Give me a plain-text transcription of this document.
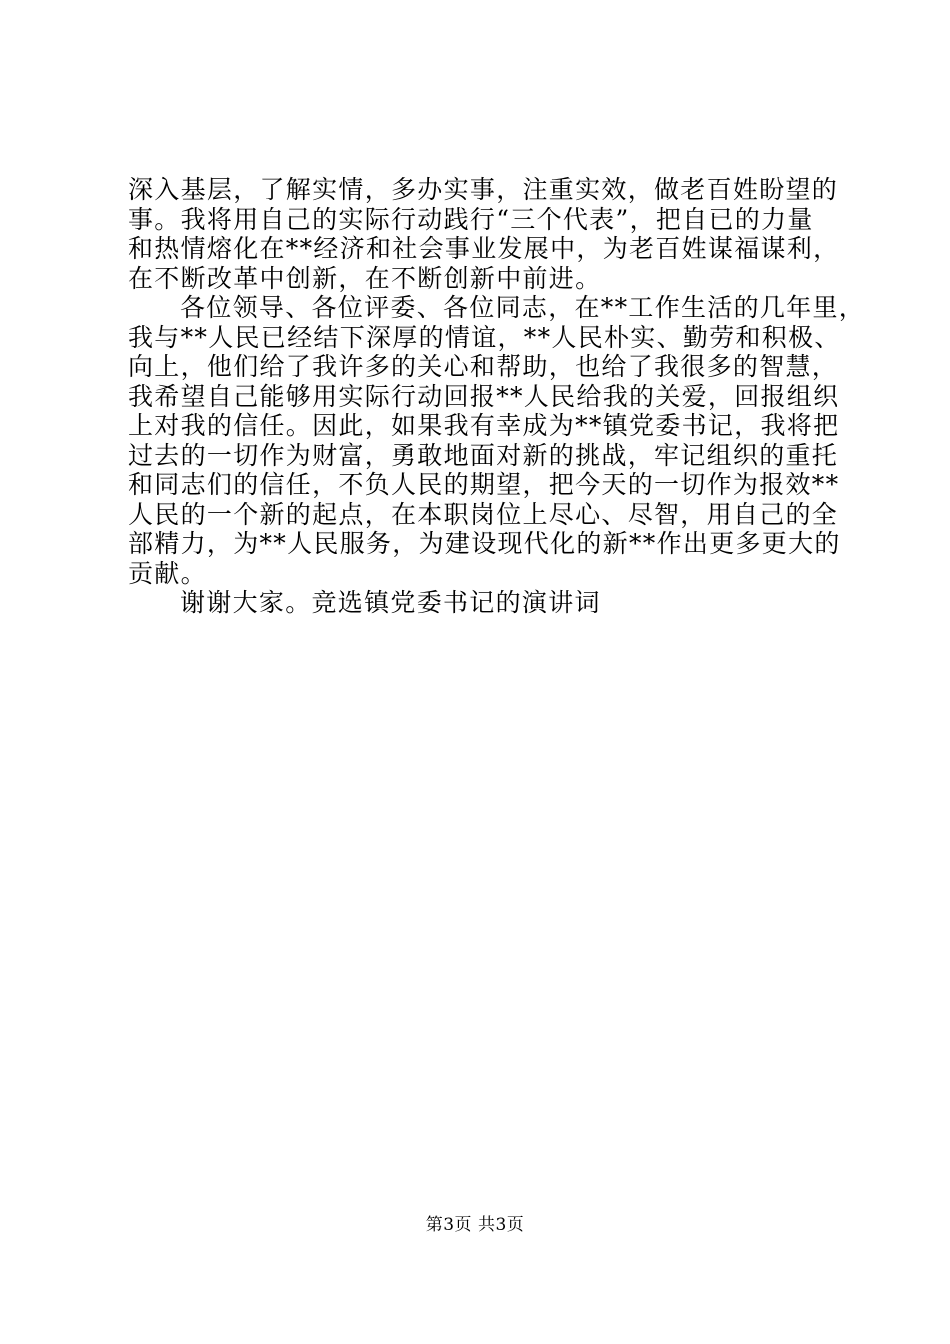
深入基层，了解实情，多办实事，注重实效，做老百姓盼望的
事。我将用自己的实际行动践行“三个代表”，把自已的力量
和热情熔化在**经济和社会事业发展中，为老百姓谋福谋利，
在不断改革中创新，在不断创新中前进。
各位领导、各位评委、各位同志，在**工作生活的几年里，
我与**人民已经结下深厚的情谊，**人民朴实、勤劳和积极、
向上，他们给了我许多的关心和帮助，也给了我很多的智慧，
我希望自己能够用实际行动回报**人民给我的关爱，回报组织
上对我的信任。因此，如果我有幸成为**镇党委书记，我将把
过去的一切作为财富，勇敢地面对新的挑战，牢记组织的重托
和同志们的信任，不负人民的期望，把今天的一切作为报效**
人民的一个新的起点，在本职岗位上尽心、尽智，用自己的全
部精力，为**人民服务，为建设现代化的新**作出更多更大的
贡献。
谢谢大家。竞选镇党委书记的演讲词
第3页 共3页
